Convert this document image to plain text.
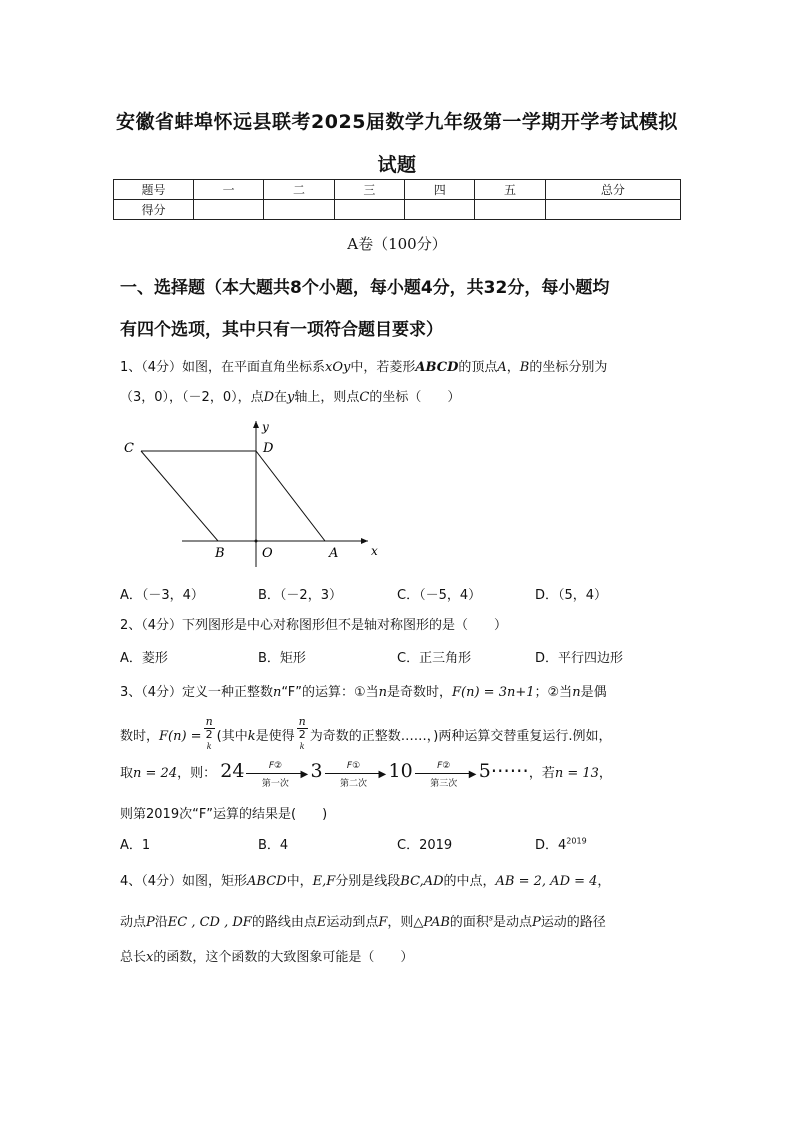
安徽省蚌埠怀远县联考2025届数学九年级第一学期开学考试模拟
试题
题号	一	二	三	四	五	总分
得分						
A卷（100分）
一、选择题（本大题共8个小题，每小题4分，共32分，每小题均
有四个选项，其中只有一项符合题目要求）
1、（4分）如图，在平面直角坐标系xOy中，若菱形ABCD的顶点A，B的坐标分别为
（3，0），（－2，0），点D在y轴上，则点C的坐标（　　）
C	D
B	O	A	x
y
A．（－3，4）	B．（－2，3）	C．（－5，4）	D．（5，4）
2、（4分）下列图形是中心对称图形但不是轴对称图形的是（　　）
A．菱形	B．矩形	C．正三角形	D．平行四边形
3、（4分）定义一种正整数n“F”的运算：①当n是奇数时，F(n) = 3n+1；②当n是偶
数时，F(n) = n
2
$^k$ (其中k是使得 n
2
$^k$ 为奇数的正整数……，)两种运算交替重复运行.例如，
取n = 24，则： 24	F②
▶
第一次
3	F①
▶
第二次
10	F②
▶
第三次
5⋯⋯，若n = 13，
则第2019次“F”运算的结果是(　　)
A．1	B．4	C．2019	D．$4^{2019}$
4、（4分）如图，矩形ABCD中，E,F分别是线段BC,AD的中点，AB = 2, AD = 4，
动点P沿EC , CD , DF的路线由点E运动到点F，则△PAB的面积$^s$是动点P运动的路径
总长x的函数，这个函数的大致图象可能是（　　）
